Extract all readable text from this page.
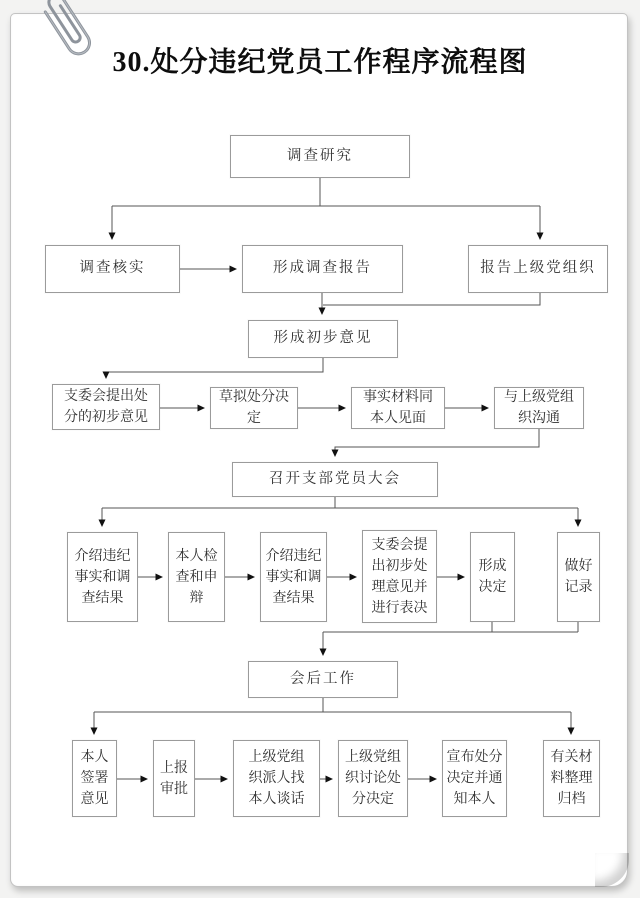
30.处分违纪党员工作程序流程图
调查研究
调查核实	形成调查报告	报告上级党组织
形成初步意见
支委会提出处分的初步意见
草拟处分决定
事实材料同本人见面
与上级党组织沟通
召开支部党员大会
介绍违纪事实和调查结果
本人检查和申辩
介绍违纪事实和调查结果
支委会提出初步处理意见并进行表决
形成决定
做好记录
会后工作
本人签署意见
上报审批
上级党组织派人找本人谈话
上级党组织讨论处分决定
宣布处分决定并通知本人
有关材料整理归档
